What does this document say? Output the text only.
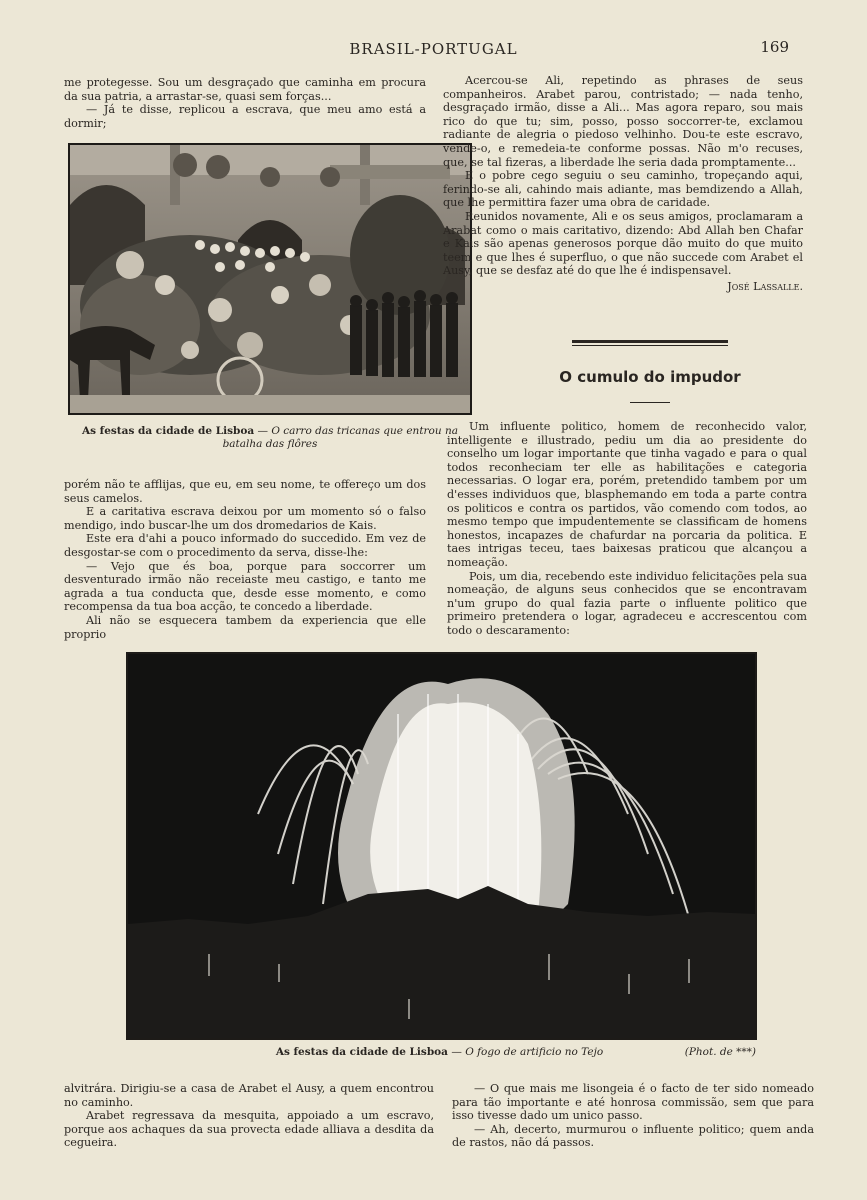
BRASIL-PORTUGAL	169

me protegesse. Sou um desgraçado que caminha em procura da sua patria, a arrastar-se, quasi sem forças...

— Já te disse, replicou a escrava, que meu amo está a dormir;

As festas da cidade de Lisboa — O carro das tricanas que entrou na batalha das flôres

porém não te afflijas, que eu, em seu nome, te offereço um dos seus camelos.

E a caritativa escrava deixou por um momento só o falso mendigo, indo buscar-lhe um dos dromedarios de Kais.

Este era d'ahi a pouco informado do succedido. Em vez de desgostar-se com o procedimento da serva, disse-lhe:

— Vejo que és boa, porque para soccorrer um desventurado irmão não receiaste meu castigo, e tanto me agrada a tua conducta que, desde esse momento, e como recompensa da tua boa acção, te concedo a liberdade.

Ali não se esquecera tambem da experiencia que elle proprio

Acercou-se Ali, repetindo as phrases de seus companheiros. Arabet parou, contristado; — nada tenho, desgraçado irmão, disse a Ali... Mas agora reparo, sou mais rico do que tu; sim, posso, posso soccorrer-te, exclamou radiante de alegria o piedoso velhinho. Dou-te este escravo, vende-o, e remedeia-te conforme possas. Não m'o recuses, que, se tal fizeras, a liberdade lhe seria dada promptamente...

E o pobre cego seguiu o seu caminho, tropeçando aqui, ferindo-se ali, cahindo mais adiante, mas bemdizendo a Allah, que lhe permittira fazer uma obra de caridade.

Reunidos novamente, Ali e os seus amigos, proclamaram a Arabat como o mais caritativo, dizendo: Abd Allah ben Chafar e Kais são apenas generosos porque dão muito do que muito teem e que lhes é superfluo, o que não succede com Arabet el Ausy, que se desfaz até do que lhe é indispensavel.

José Lassalle.
O cumulo do impudor

Um influente politico, homem de reconhecido valor, intelligente e illustrado, pediu um dia ao presidente do conselho um logar importante que tinha vagado e para o qual todos reconheciam ter elle as habilitações e categoria necessarias. O logar era, porém, pretendido tambem por um d'esses individuos que, blasphemando em toda a parte contra os politicos e contra os partidos, vão comendo com todos, ao mesmo tempo que impudentemente se classificam de homens honestos, incapazes de chafurdar na porcaria da politica. E taes intrigas teceu, taes baixesas praticou que alcançou a nomeação.

Pois, um dia, recebendo este individuo felicitações pela sua nomeação, de alguns seus conhecidos que se encontravam n'um grupo do qual fazia parte o influente politico que primeiro pretendera o logar, agradeceu e accrescentou com todo o descaramento:

As festas da cidade de Lisboa — O fogo de artificio no Tejo	(Phot. de ***)

alvitrára. Dirigiu-se a casa de Arabet el Ausy, a quem encontrou no caminho.

Arabet regressava da mesquita, appoiado a um escravo, porque aos achaques da sua provecta edade alliava a desdita da cegueira.

— O que mais me lisongeia é o facto de ter sido nomeado para tão importante e até honrosa commissão, sem que para isso tivesse dado um unico passo.

— Ah, decerto, murmurou o influente politico; quem anda de rastos, não dá passos.
